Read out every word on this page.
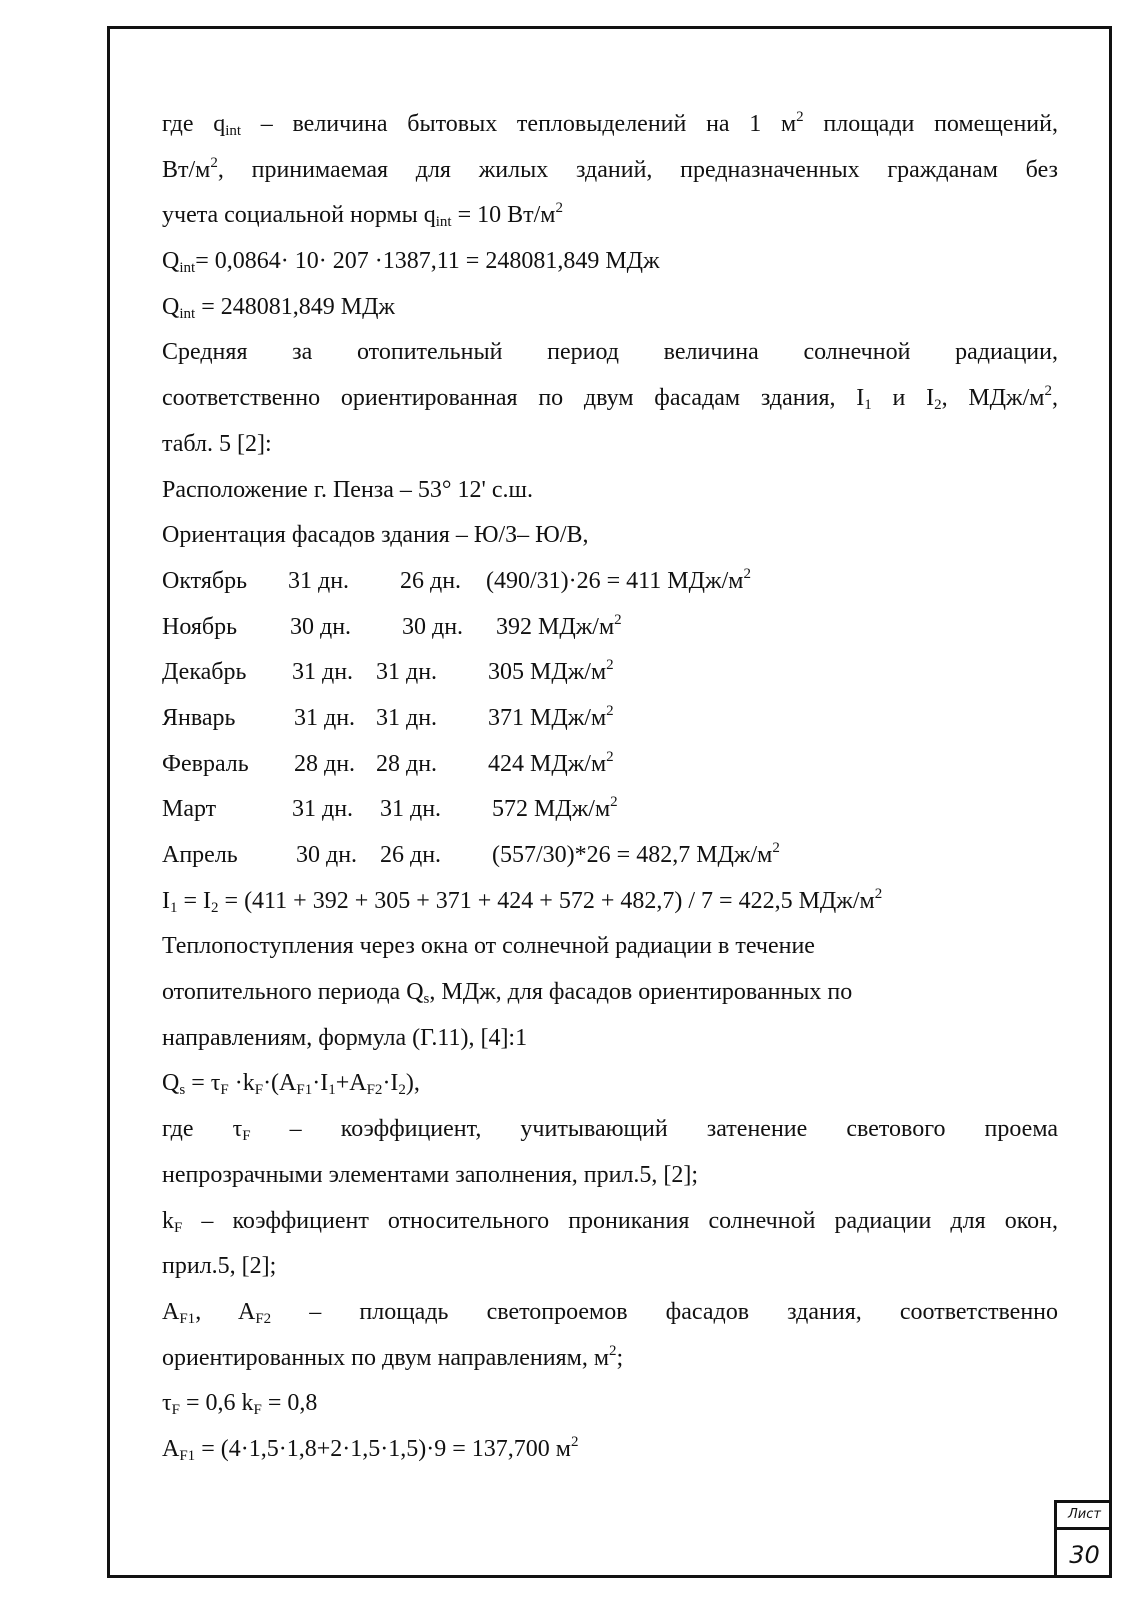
где $q_{int}$ – величина бытовых тепловыделений на 1 $м^2$ площади помещений,
$Вт/м^2$, принимаемая для жилых зданий, предназначенных гражданам без
учета социальной нормы $q_{int} = 10$ $Вт/м^2$
$Q_{int}= 0,0864\cdot 10\cdot 207 \cdot 1387,11 = 248081,849$ МДж
$Q_{int} = 248081,849$ МДж
Средняя за отопительный период величина солнечной радиации,
соответственно ориентированная по двум фасадам здания, $I_1$ и $I_2$, МДж/$м^2$,
табл. 5 [2]:
Расположение г. Пенза – 53° 12' с.ш.
Ориентация фасадов здания – Ю/З– Ю/В,
Октябрь 31 дн. 26 дн. (490/31)·26 = 411 МДж/$м^2$
Ноябрь 30 дн. 30 дн. 392 МДж/$м^2$
Декабрь 31 дн. 31 дн. 305 МДж/$м^2$
Январь 31 дн. 31 дн. 371 МДж/$м^2$
Февраль 28 дн. 28 дн. 424 МДж/$м^2$
Март	31 дн. 31 дн. 572 МДж/$м^2$
Апрель 30 дн. 26 дн. (557/30)*26 = 482,7 МДж/$м^2$
$I_1 = I_2 = (411 + 392 + 305 + 371 + 424 + 572 + 482,7) / 7 = 422,5$ МДж/$м^2$
Теплопоступления через окна от солнечной радиации в течение
отопительного периода $Q_s$, МДж, для фасадов ориентированных по
направлениям, формула (Г.11), [4]:1
$Q_s = \tau_F \cdot k_F\cdot(A_{F1}\cdot I_1+A_{F2}\cdot I_2)$,
где $\tau_F$ – коэффициент, учитывающий затенение светового проема
непрозрачными элементами заполнения, прил.5, [2];
$k_F$ – коэффициент относительного проникания солнечной радиации для окон,
прил.5, [2];
$A_{F1}$, $A_{F2}$ – площадь светопроемов фасадов здания, соответственно
ориентированных по двум направлениям, $м^2$;
$\tau_F = 0,6$ $k_F = 0,8$
$A_{F1} = (4\cdot 1,5\cdot 1,8+2\cdot 1,5\cdot 1,5)\cdot 9 = 137,700$ $м^2$
Лист
30
